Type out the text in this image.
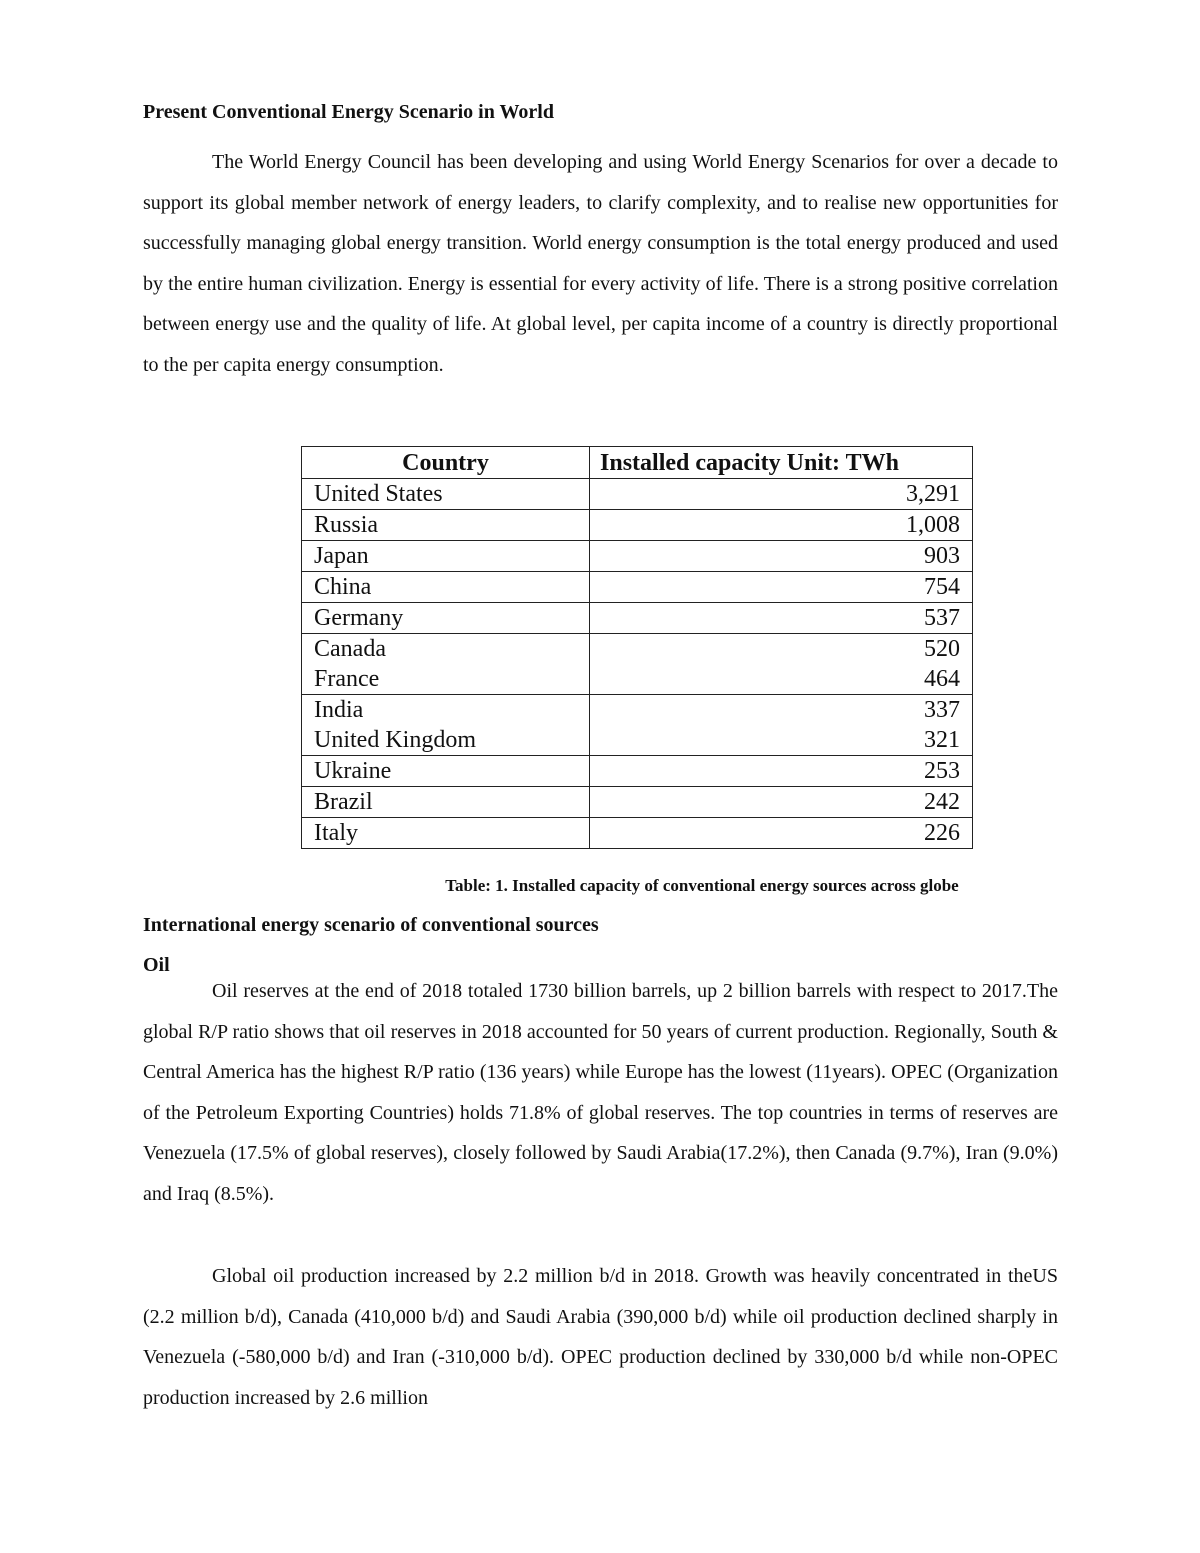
Present Conventional Energy Scenario in World

The World Energy Council has been developing and using World Energy Scenarios for over a decade to support its global member network of energy leaders, to clarify complexity, and to realise new opportunities for successfully managing global energy transition. World energy consumption is the total energy produced and used by the entire human civilization. Energy is essential for every activity of life. There is a strong positive correlation between energy use and the quality of life. At global level, per capita income of a country is directly proportional to the per capita energy consumption.

Country	Installed capacity Unit: TWh
United States	3,291
Russia	1,008
Japan	903
China	754
Germany	537
Canada	520
France	464
India	337
United Kingdom	321
Ukraine	253
Brazil	242
Italy	226

Table: 1. Installed capacity of conventional energy sources across globe

International energy scenario of conventional sources

Oil

Oil reserves at the end of 2018 totaled 1730 billion barrels, up 2 billion barrels with respect to 2017.The global R/P ratio shows that oil reserves in 2018 accounted for 50 years of current production. Regionally, South & Central America has the highest R/P ratio (136 years) while Europe has the lowest (11years). OPEC (Organization of the Petroleum Exporting Countries) holds 71.8% of global reserves. The top countries in terms of reserves are Venezuela (17.5% of global reserves), closely followed by Saudi Arabia(17.2%), then Canada (9.7%), Iran (9.0%) and Iraq (8.5%).

Global oil production increased by 2.2 million b/d in 2018. Growth was heavily concentrated in theUS (2.2 million b/d), Canada (410,000 b/d) and Saudi Arabia (390,000 b/d) while oil production declined sharply in Venezuela (-580,000 b/d) and Iran (-310,000 b/d). OPEC production declined by 330,000 b/d while non-OPEC production increased by 2.6 million
